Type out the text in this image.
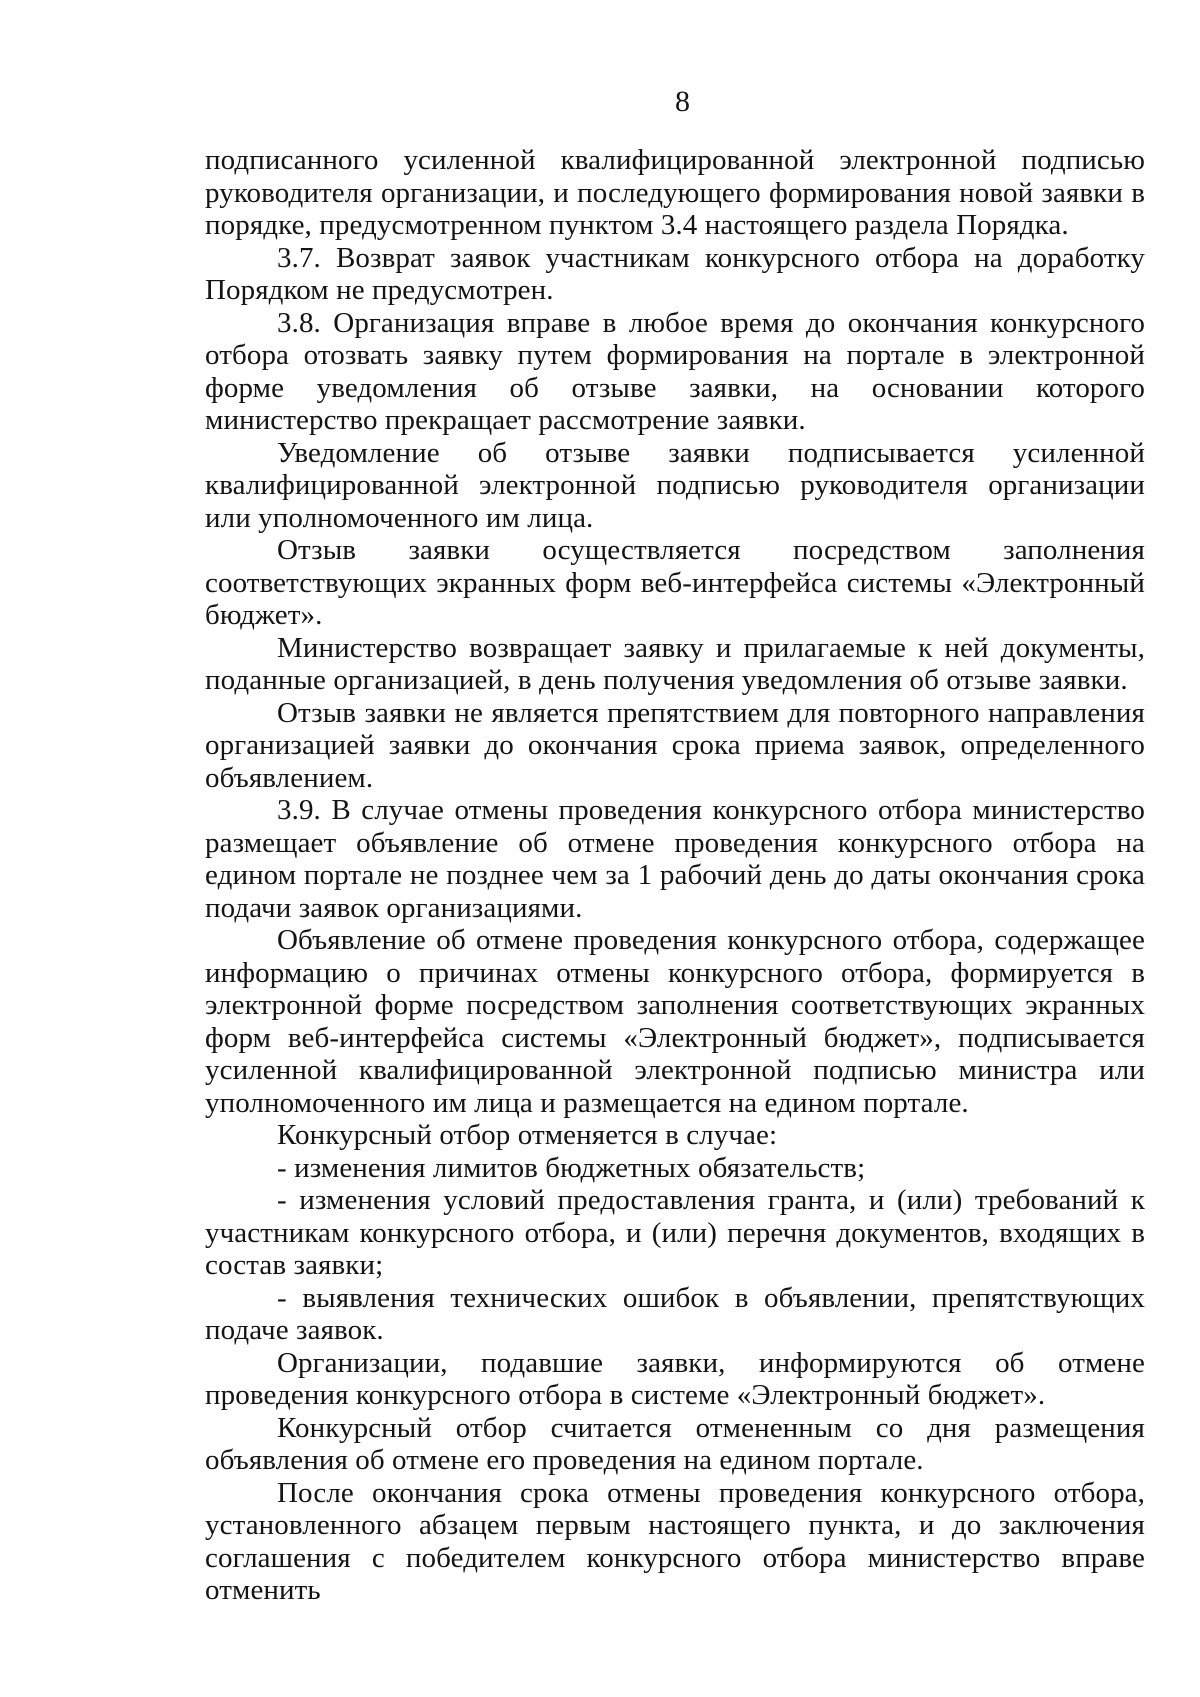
8

подписанного усиленной квалифицированной электронной подписью руководителя организации, и последующего формирования новой заявки в порядке, предусмотренном пунктом 3.4 настоящего раздела Порядка.

3.7. Возврат заявок участникам конкурсного отбора на доработку Порядком не предусмотрен.

3.8. Организация вправе в любое время до окончания конкурсного отбора отозвать заявку путем формирования на портале в электронной форме уведомления об отзыве заявки, на основании которого министерство прекращает рассмотрение заявки.

Уведомление об отзыве заявки подписывается усиленной квалифицированной электронной подписью руководителя организации или уполномоченного им лица.

Отзыв заявки осуществляется посредством заполнения соответствующих экранных форм веб-интерфейса системы «Электронный бюджет».

Министерство возвращает заявку и прилагаемые к ней документы, поданные организацией, в день получения уведомления об отзыве заявки.

Отзыв заявки не является препятствием для повторного направления организацией заявки до окончания срока приема заявок, определенного объявлением.

3.9. В случае отмены проведения конкурсного отбора министерство размещает объявление об отмене проведения конкурсного отбора на едином портале не позднее чем за 1 рабочий день до даты окончания срока подачи заявок организациями.

Объявление об отмене проведения конкурсного отбора, содержащее информацию о причинах отмены конкурсного отбора, формируется в электронной форме посредством заполнения соответствующих экранных форм веб-интерфейса системы «Электронный бюджет», подписывается усиленной квалифицированной электронной подписью министра или уполномоченного им лица и размещается на едином портале.

Конкурсный отбор отменяется в случае:

- изменения лимитов бюджетных обязательств;

- изменения условий предоставления гранта, и (или) требований к участникам конкурсного отбора, и (или) перечня документов, входящих в состав заявки;

- выявления технических ошибок в объявлении, препятствующих подаче заявок.

Организации, подавшие заявки, информируются об отмене проведения конкурсного отбора в системе «Электронный бюджет».

Конкурсный отбор считается отмененным со дня размещения объявления об отмене его проведения на едином портале.

После окончания срока отмены проведения конкурсного отбора, установленного абзацем первым настоящего пункта, и до заключения соглашения с победителем конкурсного отбора министерство вправе отменить
